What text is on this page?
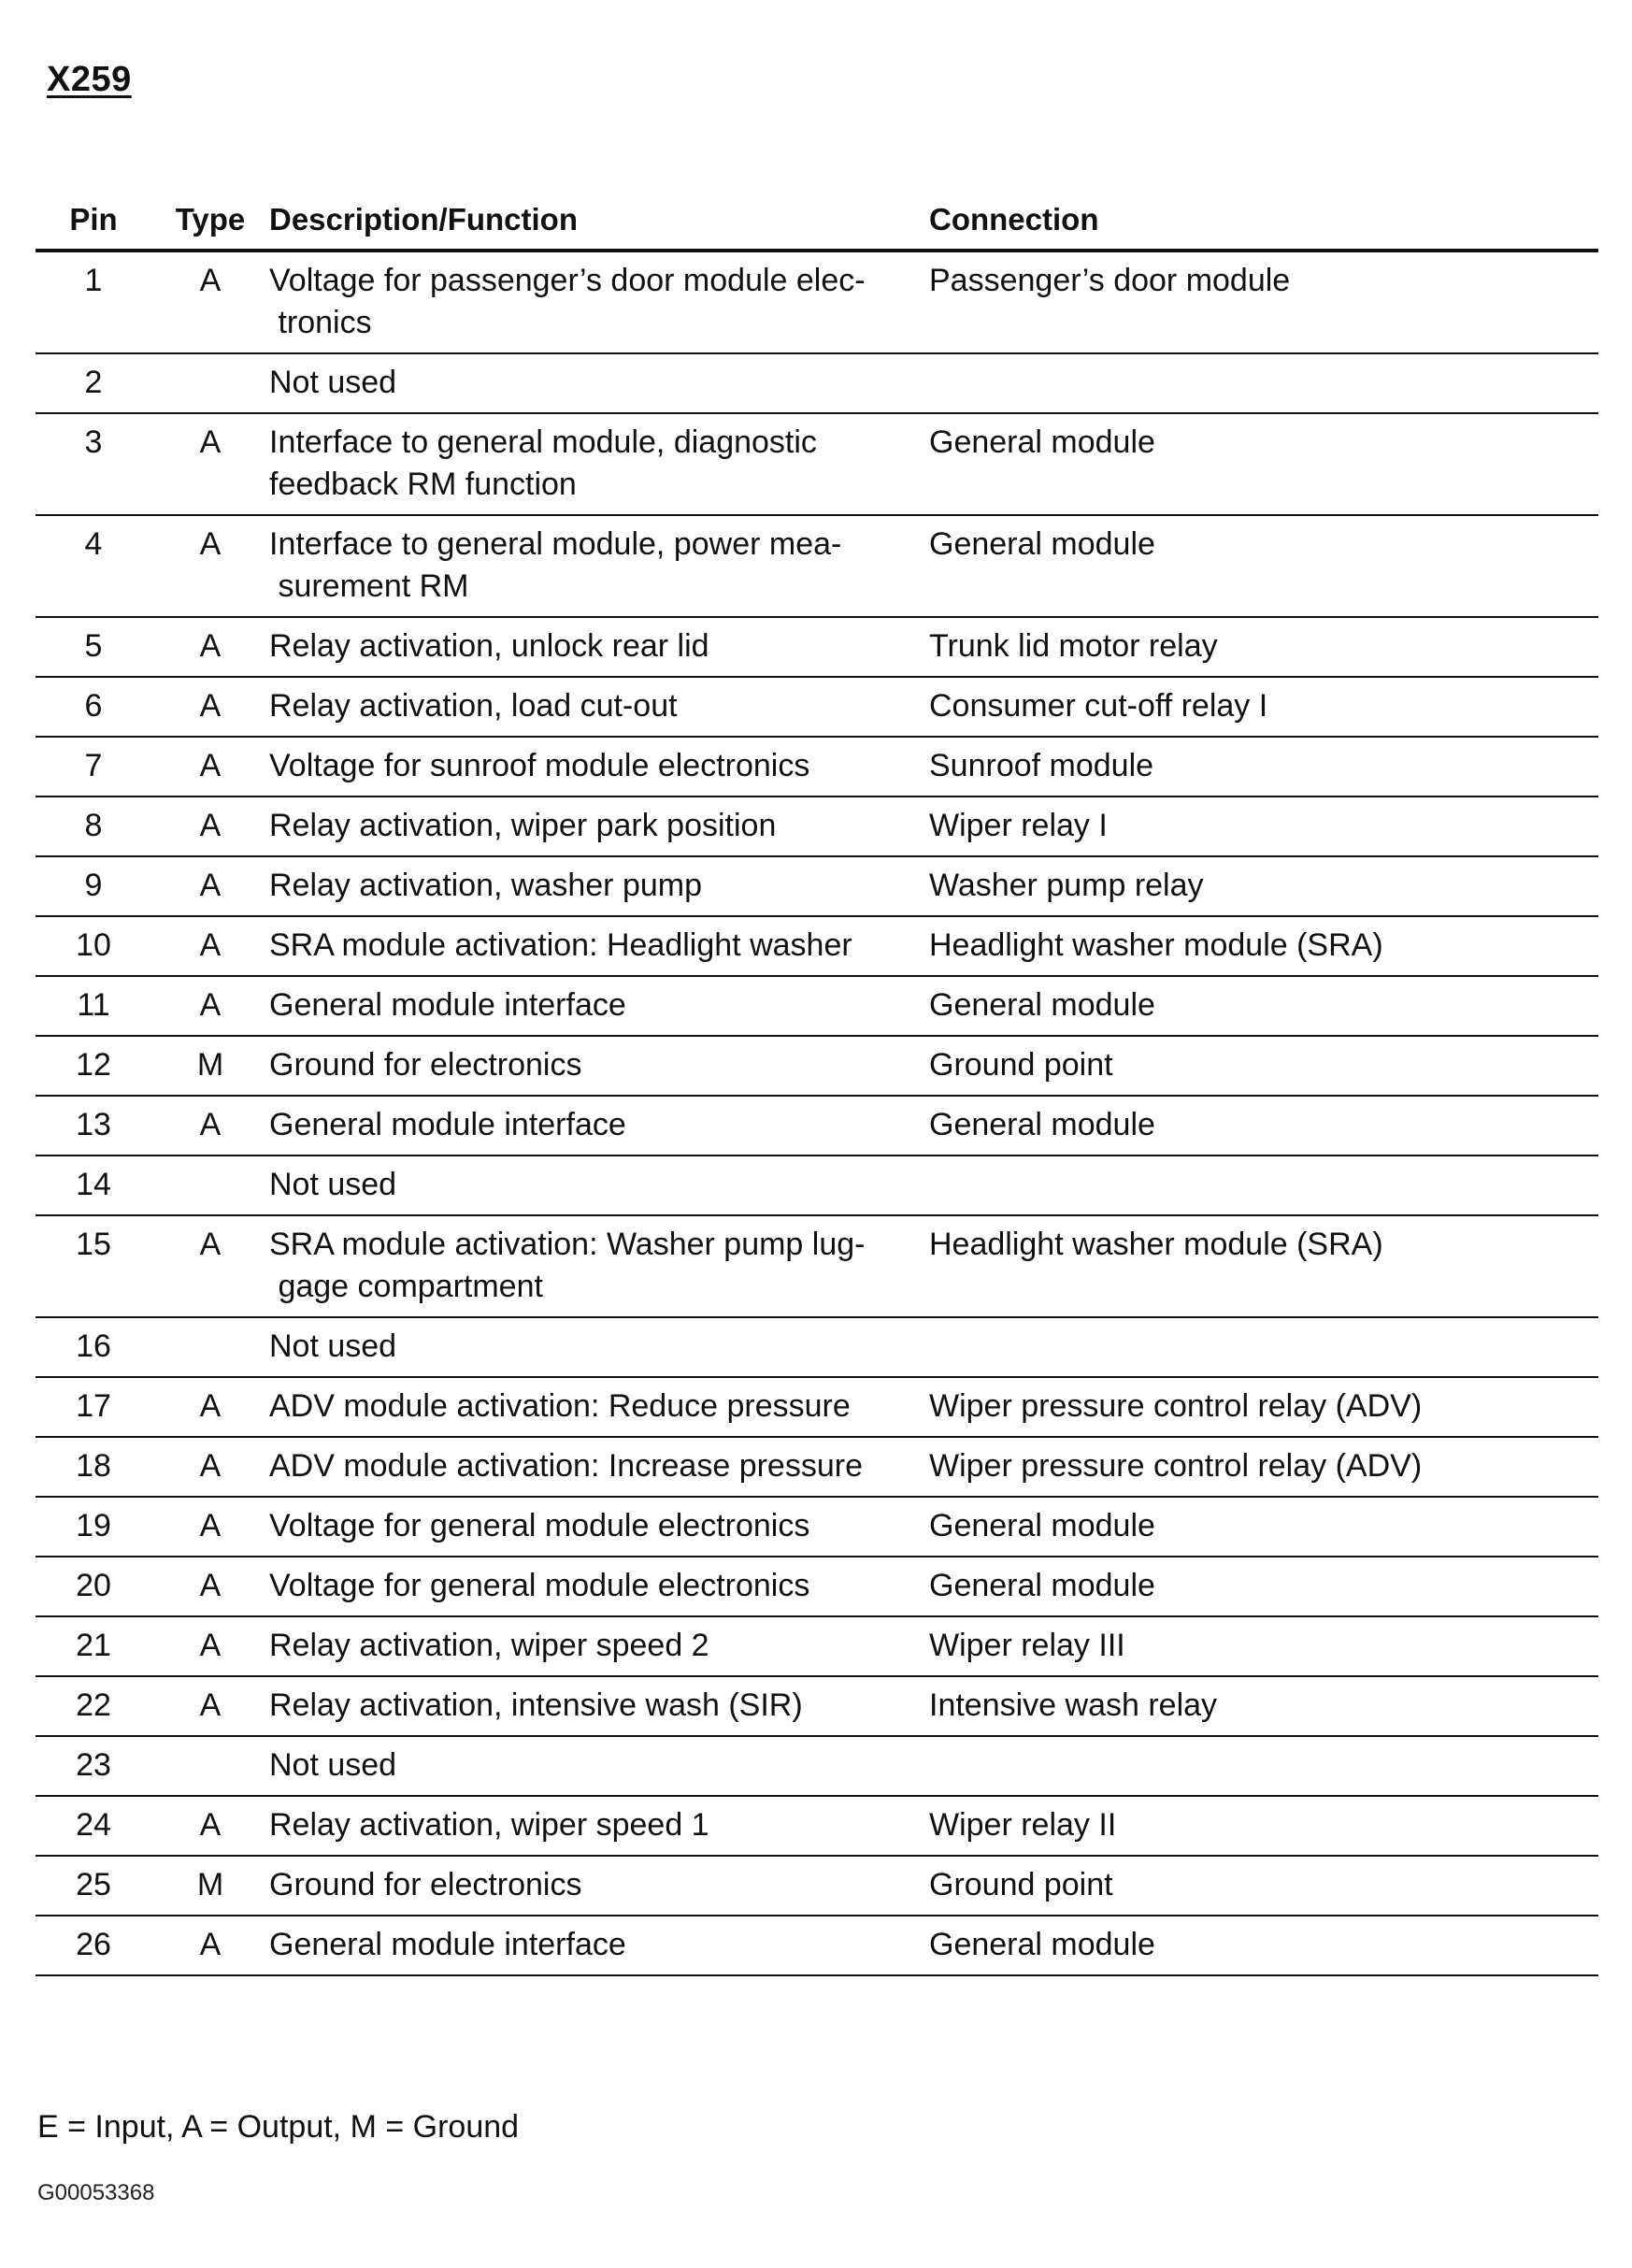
X259
Pin	Type	Description/Function	Connection
1	A	Voltage for passenger’s door module elec- tronics	Passenger’s door module
2		Not used	
3	A	Interface to general module, diagnostic feedback RM function	General module
4	A	Interface to general module, power mea- surement RM	General module
5	A	Relay activation, unlock rear lid	Trunk lid motor relay
6	A	Relay activation, load cut-out	Consumer cut-off relay I
7	A	Voltage for sunroof module electronics	Sunroof module
8	A	Relay activation, wiper park position	Wiper relay I
9	A	Relay activation, washer pump	Washer pump relay
10	A	SRA module activation: Headlight washer	Headlight washer module (SRA)
11	A	General module interface	General module
12	M	Ground for electronics	Ground point
13	A	General module interface	General module
14		Not used	
15	A	SRA module activation: Washer pump lug- gage compartment	Headlight washer module (SRA)
16		Not used	
17	A	ADV module activation: Reduce pressure	Wiper pressure control relay (ADV)
18	A	ADV module activation: Increase pressure	Wiper pressure control relay (ADV)
19	A	Voltage for general module electronics	General module
20	A	Voltage for general module electronics	General module
21	A	Relay activation, wiper speed 2	Wiper relay III
22	A	Relay activation, intensive wash (SIR)	Intensive wash relay
23		Not used	
24	A	Relay activation, wiper speed 1	Wiper relay II
25	M	Ground for electronics	Ground point
26	A	General module interface	General module
E = Input, A = Output, M = Ground
G00053368
